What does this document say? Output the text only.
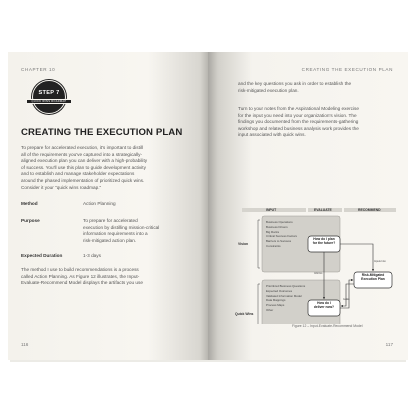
CHAPTER 10
STEP 7
QUICK WINS ROADMAP
CREATING THE EXECUTION PLAN
To prepare for accelerated execution, it's important to distill
all of the requirements you've captured into a strategically-
aligned execution plan you can deliver with a high-probability
of success. You'll use this plan to guide development activity
and to establish and manage stakeholder expectations
around the phased implementation of prioritized quick wins.
Consider it your "quick wins roadmap."
Method	Action Planning
Purpose	To prepare for accelerated
execution by distilling mission-critical
information requirements into a
risk-mitigated action plan.
Expected Duration	1-3 days
The method I use to build recommendations is a process
called Action Planning. As Figure 12 illustrates, the Input-
Evaluate-Recommend Model displays the artifacts you use
116
CREATING THE EXECUTION PLAN
and the key questions you ask in order to establish the
risk-mitigated execution plan.
Turn to your notes from the Aspirational Modeling exercise
for the input you need into your organization's vision. The
findings you documented from the requirements-gathering
workshop and related business analysis work provides the
input associated with quick wins.
INPUT	EVALUATE	RECOMMEND
Vision
Quick Wins
Business Operations
Business Drivers
Big Rocks
Critical Success Factors
Barriers to Success
Constraints
Prioritized Business Questions
Expected Outcomes
Validated Information Model
Data Mappings
Process Maps
Other
How do I plan
for the future?
How do I
deliver now?
Risk-Mitigated
Execution Plan
Informs
Guide
Inputs Into
Figure 12 – Input-Evaluate-Recommend Model
117
